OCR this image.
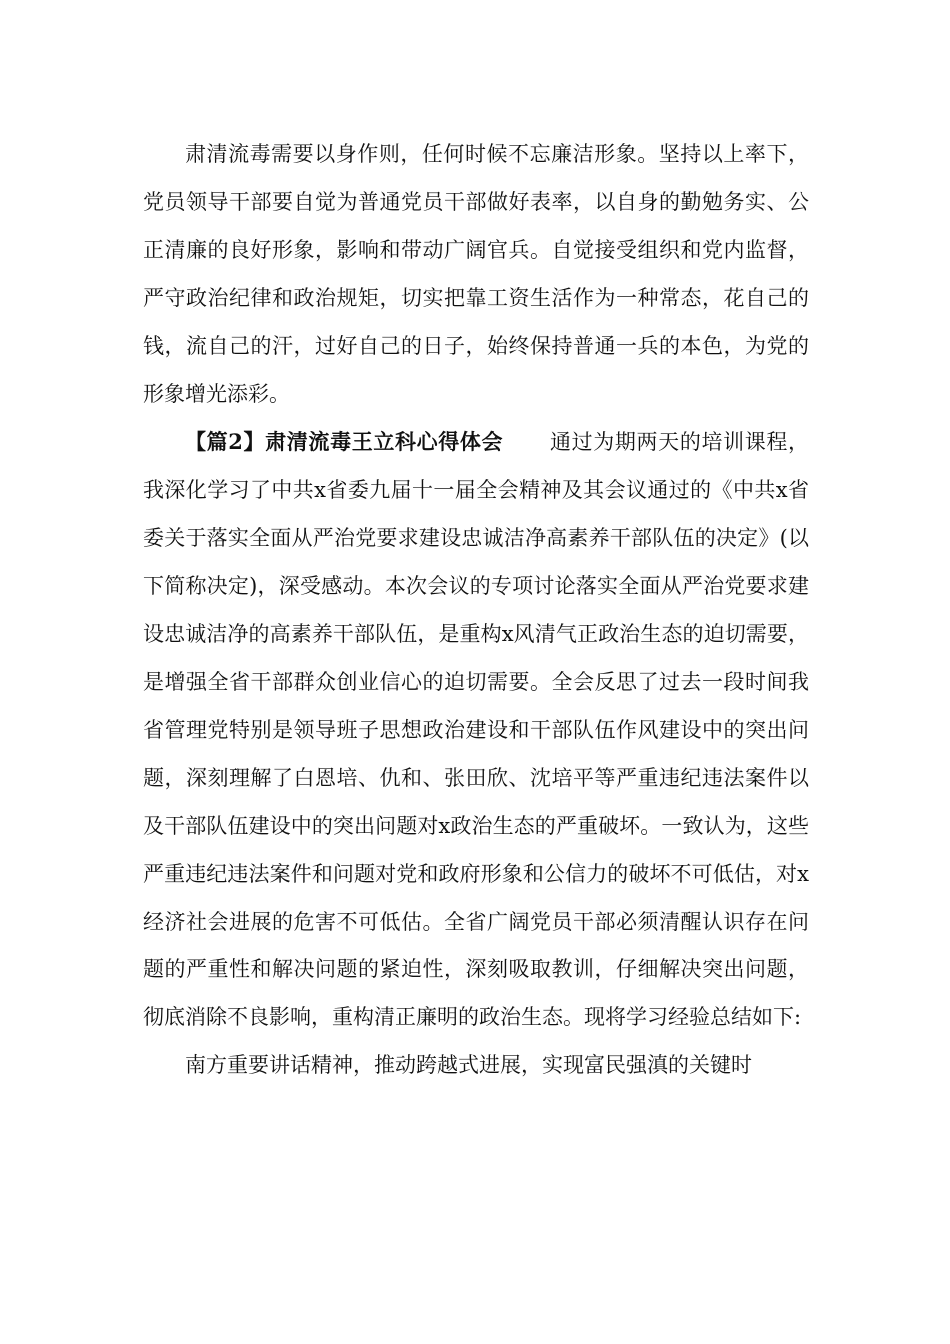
肃清流毒需要以身作则，任何时候不忘廉洁形象。坚持以上率下，党员领导干部要自觉为普通党员干部做好表率，以自身的勤勉务实、公正清廉的良好形象，影响和带动广阔官兵。自觉接受组织和党内监督，严守政治纪律和政治规矩，切实把靠工资生活作为一种常态，花自己的钱，流自己的汗，过好自己的日子，始终保持普通一兵的本色，为党的形象增光添彩。

【篇2】肃清流毒王立科心得体会 通过为期两天的培训课程，我深化学习了中共x省委九届十一届全会精神及其会议通过的《中共x省委关于落实全面从严治党要求建设忠诚洁净高素养干部队伍的决定》(以下简称决定)，深受感动。本次会议的专项讨论落实全面从严治党要求建设忠诚洁净的高素养干部队伍，是重构x风清气正政治生态的迫切需要，是增强全省干部群众创业信心的迫切需要。全会反思了过去一段时间我省管理党特别是领导班子思想政治建设和干部队伍作风建设中的突出问题，深刻理解了白恩培、仇和、张田欣、沈培平等严重违纪违法案件以及干部队伍建设中的突出问题对x政治生态的严重破坏。一致认为，这些严重违纪违法案件和问题对党和政府形象和公信力的破坏不可低估，对x经济社会进展的危害不可低估。全省广阔党员干部必须清醒认识存在问题的严重性和解决问题的紧迫性，深刻吸取教训，仔细解决突出问题，彻底消除不良影响，重构清正廉明的政治生态。现将学习经验总结如下:

南方重要讲话精神，推动跨越式进展，实现富民强滇的关键时
